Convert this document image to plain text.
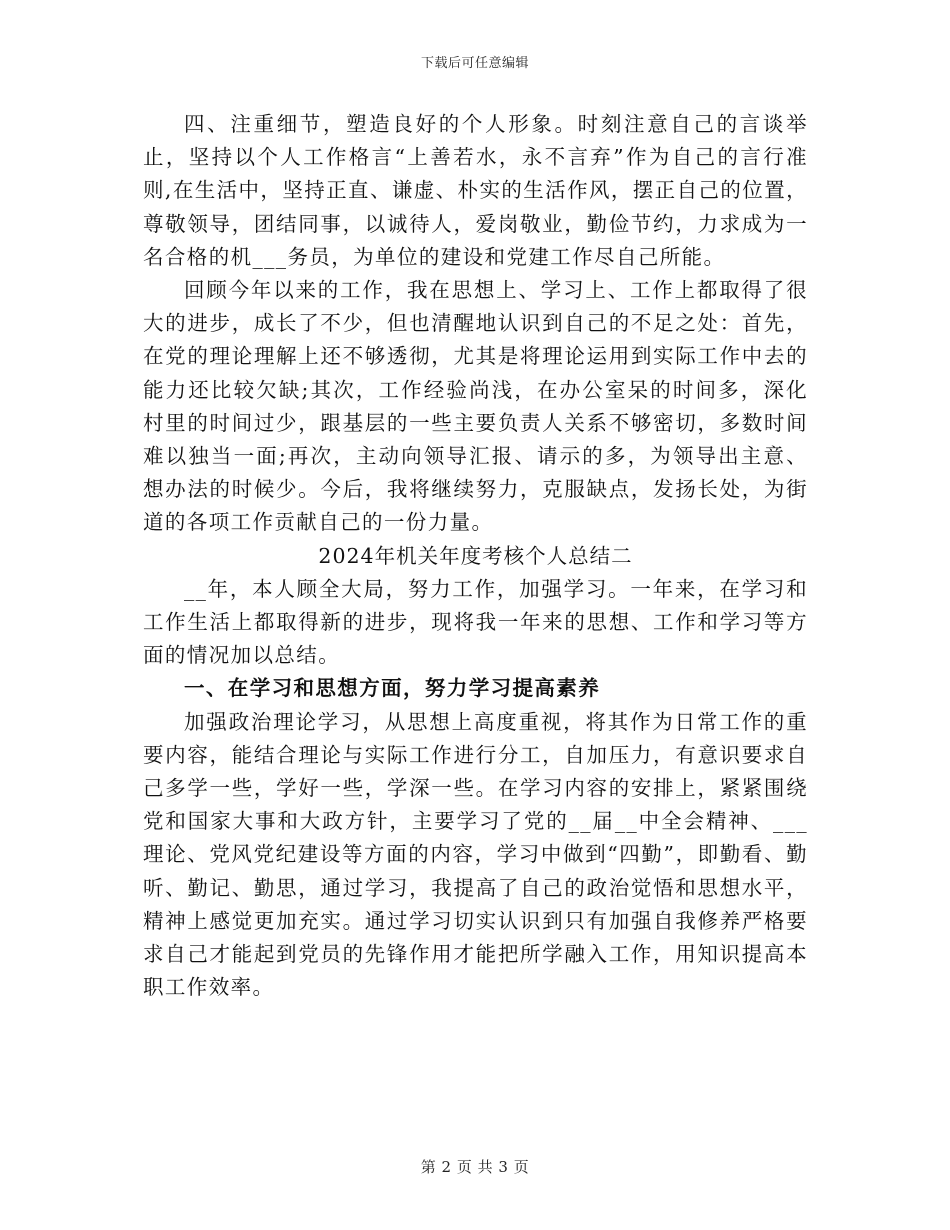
下载后可任意编辑

四、注重细节，塑造良好的个人形象。时刻注意自己的言谈举止，坚持以个人工作格言“上善若水，永不言弃”作为自己的言行准则,在生活中，坚持正直、谦虚、朴实的生活作风，摆正自己的位置，尊敬领导，团结同事，以诚待人，爱岗敬业，勤俭节约，力求成为一名合格的机___务员，为单位的建设和党建工作尽自己所能。

回顾今年以来的工作，我在思想上、学习上、工作上都取得了很大的进步，成长了不少，但也清醒地认识到自己的不足之处：首先，在党的理论理解上还不够透彻，尤其是将理论运用到实际工作中去的能力还比较欠缺;其次，工作经验尚浅，在办公室呆的时间多，深化村里的时间过少，跟基层的一些主要负责人关系不够密切，多数时间难以独当一面;再次，主动向领导汇报、请示的多，为领导出主意、想办法的时候少。今后，我将继续努力，克服缺点，发扬长处，为街道的各项工作贡献自己的一份力量。

2024年机关年度考核个人总结二

__年，本人顾全大局，努力工作，加强学习。一年来，在学习和工作生活上都取得新的进步，现将我一年来的思想、工作和学习等方面的情况加以总结。

一、在学习和思想方面，努力学习提高素养

加强政治理论学习，从思想上高度重视，将其作为日常工作的重要内容，能结合理论与实际工作进行分工，自加压力，有意识要求自己多学一些，学好一些，学深一些。在学习内容的安排上，紧紧围绕党和国家大事和大政方针，主要学习了党的__届__中全会精神、___理论、党风党纪建设等方面的内容，学习中做到“四勤”，即勤看、勤听、勤记、勤思，通过学习，我提高了自己的政治觉悟和思想水平，精神上感觉更加充实。通过学习切实认识到只有加强自我修养严格要求自己才能起到党员的先锋作用才能把所学融入工作，用知识提高本职工作效率。

第 2 页 共 3 页
